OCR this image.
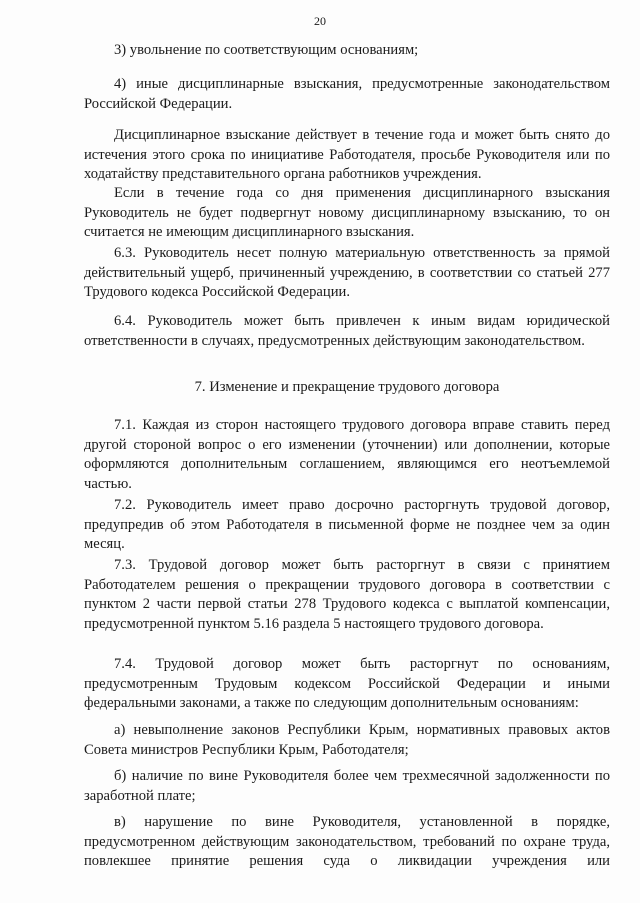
20
3) увольнение по соответствующим основаниям;
4) иные дисциплинарные взыскания, предусмотренные законодательством Российской Федерации.
Дисциплинарное взыскание действует в течение года и может быть снято до истечения этого срока по инициативе Работодателя, просьбе Руководителя или по ходатайству представительного органа работников учреждения.
Если в течение года со дня применения дисциплинарного взыскания Руководитель не будет подвергнут новому дисциплинарному взысканию, то он считается не имеющим дисциплинарного взыскания.
6.3. Руководитель несет полную материальную ответственность за прямой действительный ущерб, причиненный учреждению, в соответствии со статьей 277 Трудового кодекса Российской Федерации.
6.4. Руководитель может быть привлечен к иным видам юридической ответственности в случаях, предусмотренных действующим законодательством.
7. Изменение и прекращение трудового договора
7.1. Каждая из сторон настоящего трудового договора вправе ставить перед другой стороной вопрос о его изменении (уточнении) или дополнении, которые оформляются дополнительным соглашением, являющимся его неотъемлемой частью.
7.2. Руководитель имеет право досрочно расторгнуть трудовой договор, предупредив об этом Работодателя в письменной форме не позднее чем за один месяц.
7.3. Трудовой договор может быть расторгнут в связи с принятием Работодателем решения о прекращении трудового договора в соответствии с пунктом 2 части первой статьи 278 Трудового кодекса с выплатой компенсации, предусмотренной пунктом 5.16 раздела 5 настоящего трудового договора.
7.4. Трудовой договор может быть расторгнут по основаниям, предусмотренным Трудовым кодексом Российской Федерации и иными федеральными законами, а также по следующим дополнительным основаниям:
а) невыполнение законов Республики Крым, нормативных правовых актов Совета министров Республики Крым, Работодателя;
б) наличие по вине Руководителя более чем трехмесячной задолженности по заработной плате;
в) нарушение по вине Руководителя, установленной в порядке, предусмотренном действующим законодательством, требований по охране труда, повлекшее принятие решения суда о ликвидации учреждения или
